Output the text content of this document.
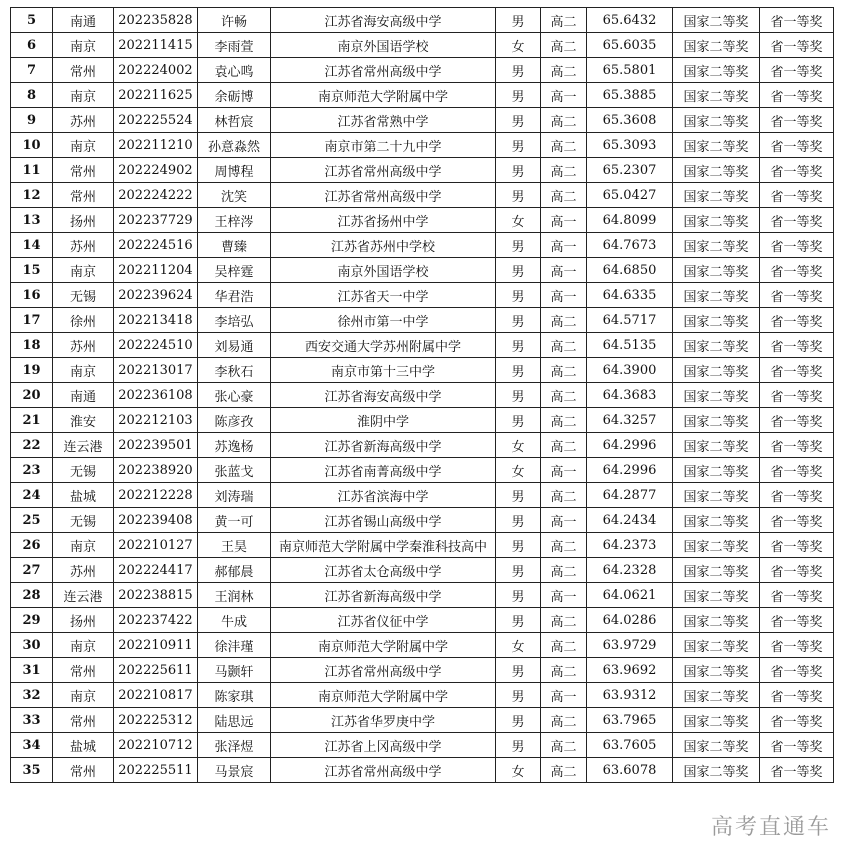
5	南通	202235828	许畅	江苏省海安高级中学	男	高二	65.6432	国家二等奖	省一等奖
6	南京	202211415	李雨萱	南京外国语学校	女	高二	65.6035	国家二等奖	省一等奖
7	常州	202224002	袁心鸣	江苏省常州高级中学	男	高二	65.5801	国家二等奖	省一等奖
8	南京	202211625	余砺博	南京师范大学附属中学	男	高一	65.3885	国家二等奖	省一等奖
9	苏州	202225524	林哲宸	江苏省常熟中学	男	高二	65.3608	国家二等奖	省一等奖
10	南京	202211210	孙意淼然	南京市第二十九中学	男	高二	65.3093	国家二等奖	省一等奖
11	常州	202224902	周博程	江苏省常州高级中学	男	高二	65.2307	国家二等奖	省一等奖
12	常州	202224222	沈笑	江苏省常州高级中学	男	高二	65.0427	国家二等奖	省一等奖
13	扬州	202237729	王梓涔	江苏省扬州中学	女	高一	64.8099	国家二等奖	省一等奖
14	苏州	202224516	曹臻	江苏省苏州中学校	男	高一	64.7673	国家二等奖	省一等奖
15	南京	202211204	吴梓霆	南京外国语学校	男	高一	64.6850	国家二等奖	省一等奖
16	无锡	202239624	华君浩	江苏省天一中学	男	高一	64.6335	国家二等奖	省一等奖
17	徐州	202213418	李培弘	徐州市第一中学	男	高二	64.5717	国家二等奖	省一等奖
18	苏州	202224510	刘易通	西安交通大学苏州附属中学	男	高二	64.5135	国家二等奖	省一等奖
19	南京	202213017	李秋石	南京市第十三中学	男	高二	64.3900	国家二等奖	省一等奖
20	南通	202236108	张心豪	江苏省海安高级中学	男	高二	64.3683	国家二等奖	省一等奖
21	淮安	202212103	陈彦孜	淮阴中学	男	高二	64.3257	国家二等奖	省一等奖
22	连云港	202239501	苏逸杨	江苏省新海高级中学	女	高二	64.2996	国家二等奖	省一等奖
23	无锡	202238920	张蓝戈	江苏省南菁高级中学	女	高一	64.2996	国家二等奖	省一等奖
24	盐城	202212228	刘涛瑞	江苏省滨海中学	男	高二	64.2877	国家二等奖	省一等奖
25	无锡	202239408	黄一可	江苏省锡山高级中学	男	高一	64.2434	国家二等奖	省一等奖
26	南京	202210127	王昊	南京师范大学附属中学秦淮科技高中	男	高二	64.2373	国家二等奖	省一等奖
27	苏州	202224417	郝郁晨	江苏省太仓高级中学	男	高二	64.2328	国家二等奖	省一等奖
28	连云港	202238815	王润林	江苏省新海高级中学	男	高一	64.0621	国家二等奖	省一等奖
29	扬州	202237422	牛成	江苏省仪征中学	男	高二	64.0286	国家二等奖	省一等奖
30	南京	202210911	徐沣瑾	南京师范大学附属中学	女	高二	63.9729	国家二等奖	省一等奖
31	常州	202225611	马颢轩	江苏省常州高级中学	男	高二	63.9692	国家二等奖	省一等奖
32	南京	202210817	陈家琪	南京师范大学附属中学	男	高一	63.9312	国家二等奖	省一等奖
33	常州	202225312	陆思远	江苏省华罗庚中学	男	高二	63.7965	国家二等奖	省一等奖
34	盐城	202210712	张泽煜	江苏省上冈高级中学	男	高二	63.7605	国家二等奖	省一等奖
35	常州	202225511	马景宸	江苏省常州高级中学	女	高二	63.6078	国家二等奖	省一等奖
高考直通车
